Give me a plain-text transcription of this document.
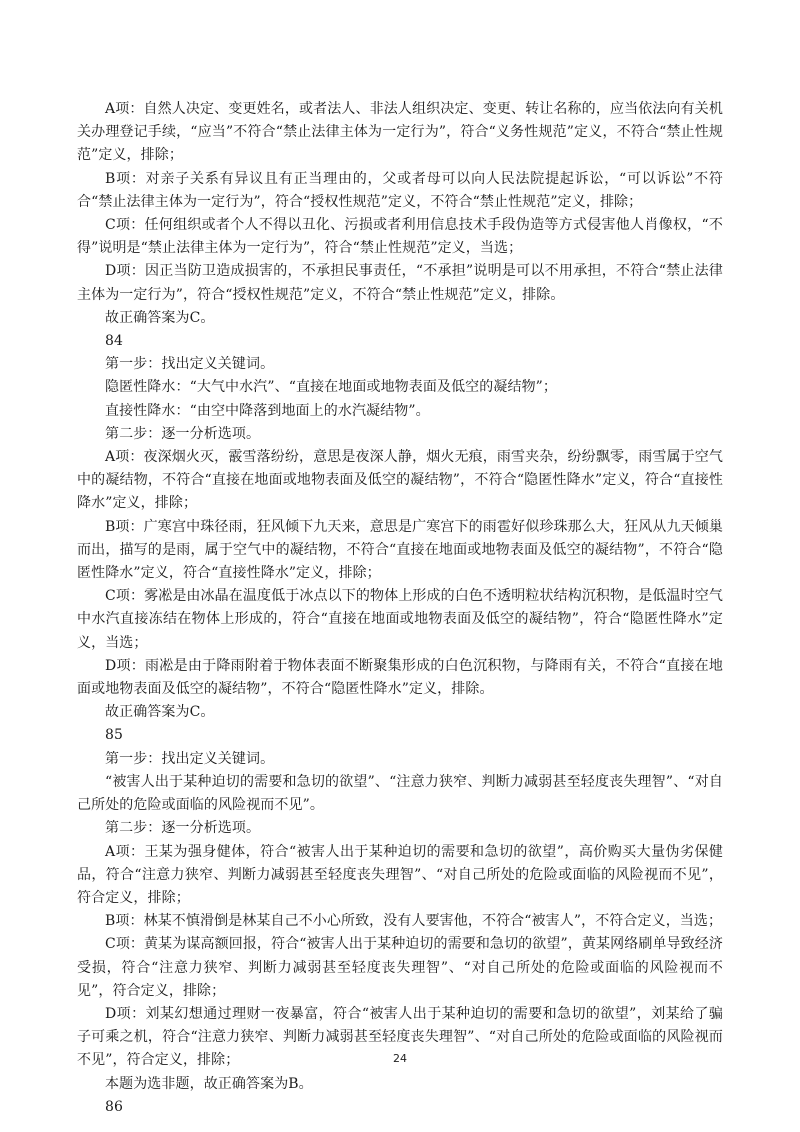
A项：自然人决定、变更姓名，或者法人、非法人组织决定、变更、转让名称的，应当依法向有关机关办理登记手续，“应当”不符合“禁止法律主体为一定行为”，符合“义务性规范”定义，不符合“禁止性规范”定义，排除；

B项：对亲子关系有异议且有正当理由的，父或者母可以向人民法院提起诉讼，“可以诉讼”不符合“禁止法律主体为一定行为”，符合“授权性规范”定义，不符合“禁止性规范”定义，排除；

C项：任何组织或者个人不得以丑化、污损或者利用信息技术手段伪造等方式侵害他人肖像权，“不得”说明是“禁止法律主体为一定行为”，符合“禁止性规范”定义，当选；

D项：因正当防卫造成损害的，不承担民事责任，“不承担”说明是可以不用承担，不符合“禁止法律主体为一定行为”，符合“授权性规范”定义，不符合“禁止性规范”定义，排除。

故正确答案为C。

84

第一步：找出定义关键词。

隐匿性降水：“大气中水汽”、“直接在地面或地物表面及低空的凝结物”；

直接性降水：“由空中降落到地面上的水汽凝结物”。

第二步：逐一分析选项。

A项：夜深烟火灭，霰雪落纷纷，意思是夜深人静，烟火无痕，雨雪夹杂，纷纷飘零，雨雪属于空气中的凝结物，不符合“直接在地面或地物表面及低空的凝结物”，不符合“隐匿性降水”定义，符合“直接性降水”定义，排除；

B项：广寒宫中珠径雨，狂风倾下九天来，意思是广寒宫下的雨雹好似珍珠那么大，狂风从九天倾巢而出，描写的是雨，属于空气中的凝结物，不符合“直接在地面或地物表面及低空的凝结物”，不符合“隐匿性降水”定义，符合“直接性降水”定义，排除；

C项：雾凇是由冰晶在温度低于冰点以下的物体上形成的白色不透明粒状结构沉积物，是低温时空气中水汽直接冻结在物体上形成的，符合“直接在地面或地物表面及低空的凝结物”，符合“隐匿性降水”定义，当选；

D项：雨凇是由于降雨附着于物体表面不断聚集形成的白色沉积物，与降雨有关，不符合“直接在地面或地物表面及低空的凝结物”，不符合“隐匿性降水”定义，排除。

故正确答案为C。

85

第一步：找出定义关键词。

“被害人出于某种迫切的需要和急切的欲望”、“注意力狭窄、判断力减弱甚至轻度丧失理智”、“对自己所处的危险或面临的风险视而不见”。

第二步：逐一分析选项。

A项：王某为强身健体，符合“被害人出于某种迫切的需要和急切的欲望”，高价购买大量伪劣保健品，符合“注意力狭窄、判断力减弱甚至轻度丧失理智”、“对自己所处的危险或面临的风险视而不见”，符合定义，排除；

B项：林某不慎滑倒是林某自己不小心所致，没有人要害他，不符合“被害人”，不符合定义，当选；

C项：黄某为谋高额回报，符合“被害人出于某种迫切的需要和急切的欲望”，黄某网络刷单导致经济受损，符合“注意力狭窄、判断力减弱甚至轻度丧失理智”、“对自己所处的危险或面临的风险视而不见”，符合定义，排除；

D项：刘某幻想通过理财一夜暴富，符合“被害人出于某种迫切的需要和急切的欲望”，刘某给了骗子可乘之机，符合“注意力狭窄、判断力减弱甚至轻度丧失理智”、“对自己所处的危险或面临的风险视而不见”，符合定义，排除；

本题为选非题，故正确答案为B。

86

24
